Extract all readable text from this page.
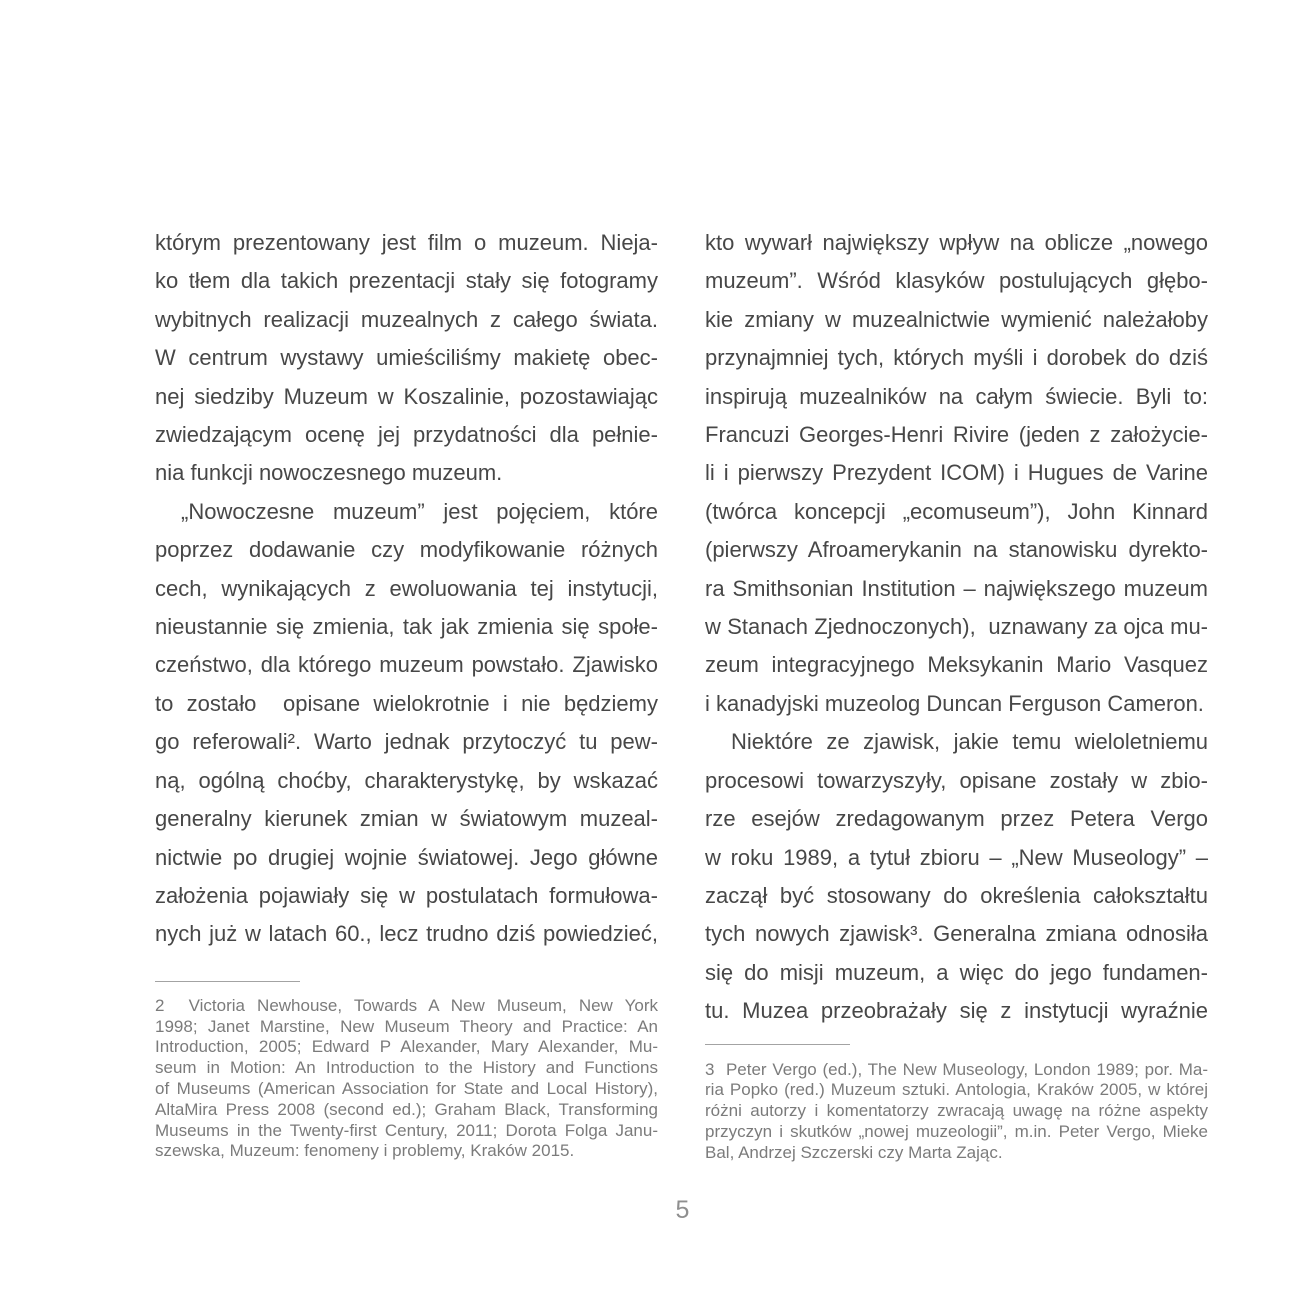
którym prezentowany jest film o muzeum. Nieja-
ko tłem dla takich prezentacji stały się fotogramy
wybitnych realizacji muzealnych z całego świata.
W centrum wystawy umieściliśmy makietę obec-
nej siedziby Muzeum w Koszalinie, pozostawiając
zwiedzającym ocenę jej przydatności dla pełnie-
nia funkcji nowoczesnego muzeum.
„Nowoczesne muzeum” jest pojęciem, które
poprzez dodawanie czy modyfikowanie różnych
cech, wynikających z ewoluowania tej instytucji,
nieustannie się zmienia, tak jak zmienia się społe-
czeństwo, dla którego muzeum powstało. Zjawisko
to zostało  opisane wielokrotnie i nie będziemy
go referowali². Warto jednak przytoczyć tu pew-
ną, ogólną choćby, charakterystykę, by wskazać
generalny kierunek zmian w światowym muzeal-
nictwie po drugiej wojnie światowej. Jego główne
założenia pojawiały się w postulatach formułowa-
nych już w latach 60., lecz trudno dziś powiedzieć,
2  Victoria Newhouse, Towards A New Museum, New York
1998; Janet Marstine, New Museum Theory and Practice: An
Introduction, 2005; Edward P Alexander, Mary Alexander, Mu-
seum in Motion: An Introduction to the History and Functions
of Museums (American Association for State and Local History),
AltaMira Press 2008 (second ed.); Graham Black, Transforming
Museums in the Twenty-first Century, 2011; Dorota Folga Janu-
szewska, Muzeum: fenomeny i problemy, Kraków 2015.
kto wywarł największy wpływ na oblicze „nowego
muzeum”. Wśród klasyków postulujących głębo-
kie zmiany w muzealnictwie wymienić należałoby
przynajmniej tych, których myśli i dorobek do dziś
inspirują muzealników na całym świecie. Byli to:
Francuzi Georges-Henri Rivire (jeden z założycie-
li i pierwszy Prezydent ICOM) i Hugues de Varine
(twórca koncepcji „ecomuseum”), John Kinnard
(pierwszy Afroamerykanin na stanowisku dyrekto-
ra Smithsonian Institution – największego muzeum
w Stanach Zjednoczonych),  uznawany za ojca mu-
zeum integracyjnego Meksykanin Mario Vasquez
i kanadyjski muzeolog Duncan Ferguson Cameron.
Niektóre ze zjawisk, jakie temu wieloletniemu
procesowi towarzyszyły, opisane zostały w zbio-
rze esejów zredagowanym przez Petera Vergo
w roku 1989, a tytuł zbioru – „New Museology” –
zaczął być stosowany do określenia całokształtu
tych nowych zjawisk³. Generalna zmiana odnosiła
się do misji muzeum, a więc do jego fundamen-
tu. Muzea przeobrażały się z instytucji wyraźnie
3  Peter Vergo (ed.), The New Museology, London 1989; por. Ma-
ria Popko (red.) Muzeum sztuki. Antologia, Kraków 2005, w której
różni autorzy i komentatorzy zwracają uwagę na różne aspekty
przyczyn i skutków „nowej muzeologii”, m.in. Peter Vergo, Mieke
Bal, Andrzej Szczerski czy Marta Zając.
5
